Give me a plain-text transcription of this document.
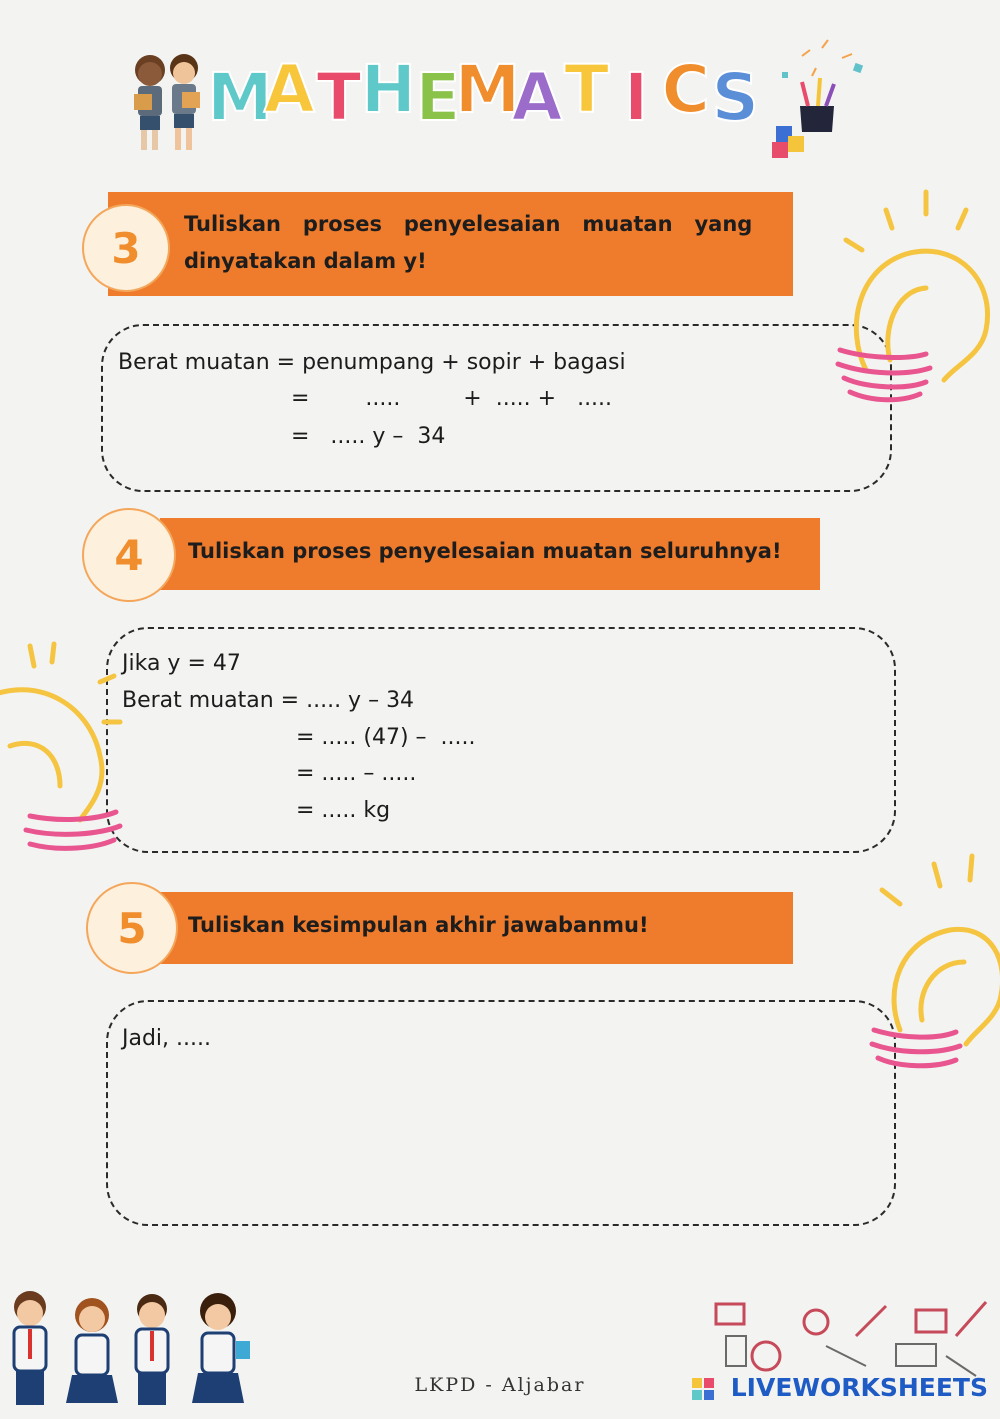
M
A T H E
M
A T I C S
3	Tuliskan   proses   penyelesaian   muatan   yang
dinyatakan dalam y!
Berat muatan = penumpang + sopir + bagasi
=        .....         +  ..... +   .....
=   ..... y –  34
4	Tuliskan proses penyelesaian muatan seluruhnya!
Jika y = 47
Berat muatan = ..... y – 34
= ..... (47) –  .....
= ..... – .....
= ..... kg
5	Tuliskan kesimpulan akhir jawabanmu!
Jadi, .....
LKPD - Aljabar	LIVEWORKSHEETS
